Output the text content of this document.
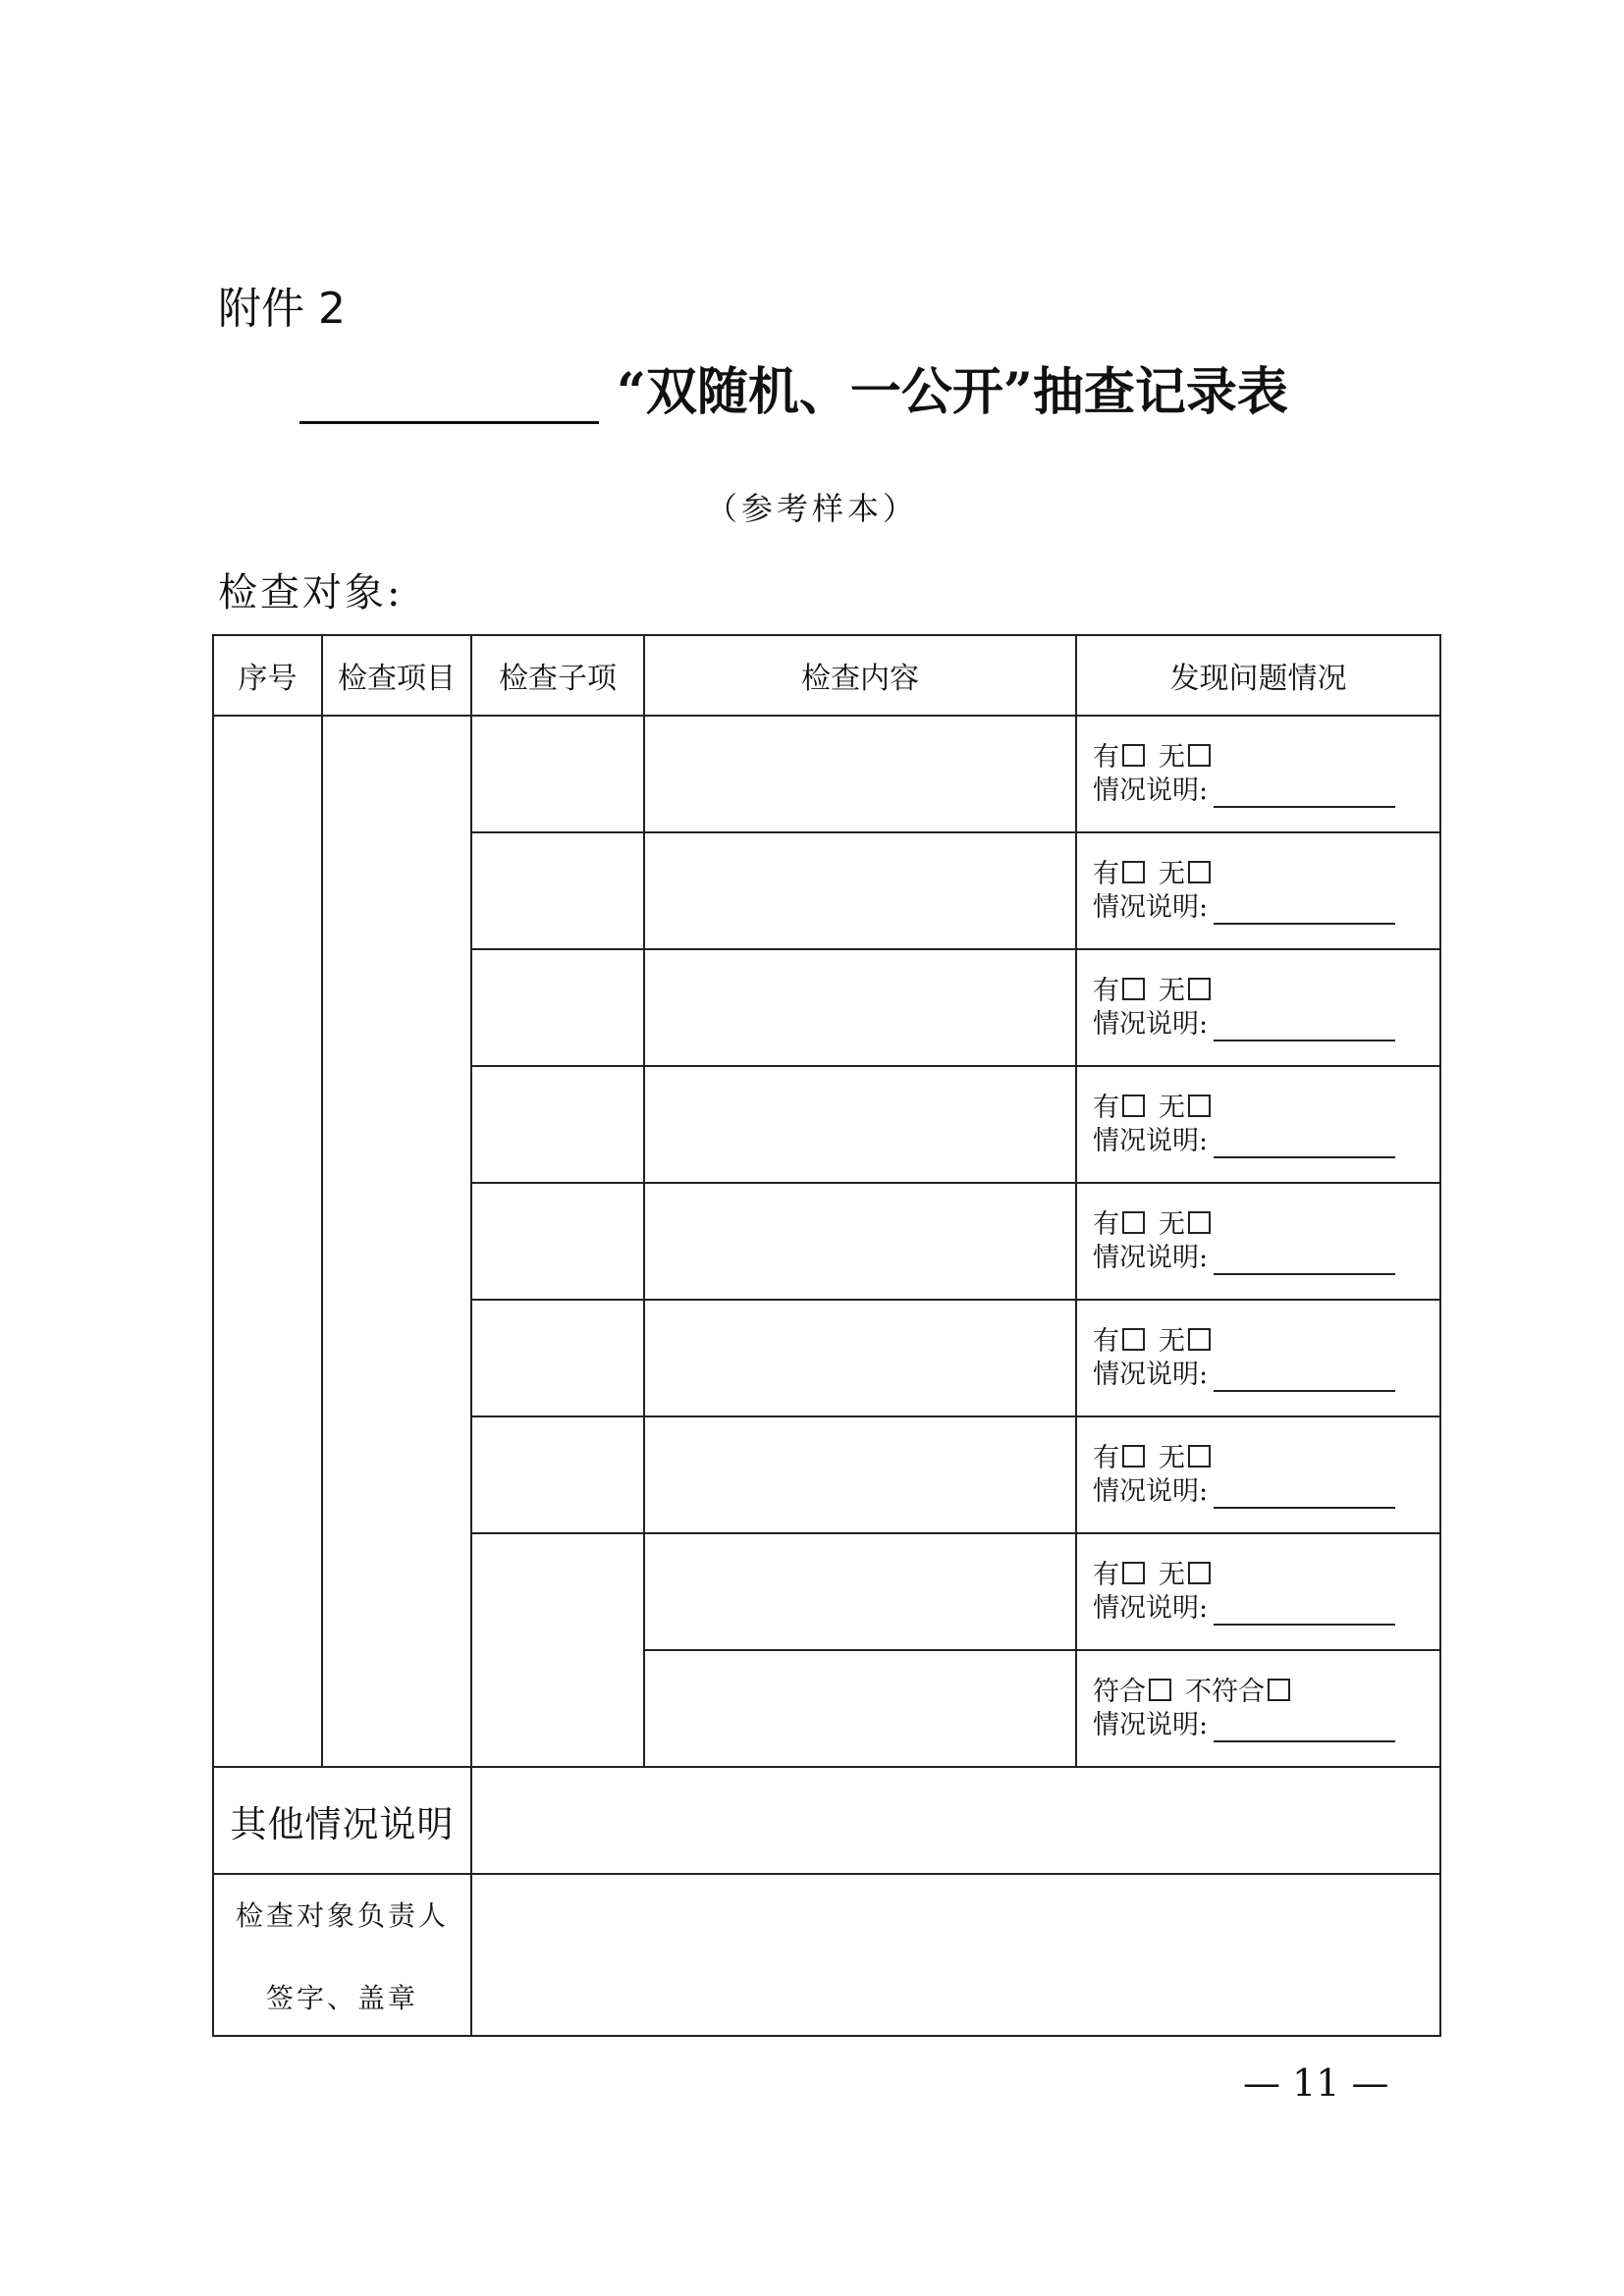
附件 2
“双随机、一公开”抽查记录表
（参考样本）
检查对象:
序号	检查项目	检查子项	检查内容	发现问题情况

				有 无
情况说明:

				有 无
情况说明:

				有 无
情况说明:

				有 无
情况说明:

				有 无
情况说明:

				有 无
情况说明:

				有 无
情况说明:

				有 无
情况说明:

				符合 不符合
情况说明:

其他情况说明				

检查对象负责人
签字、盖章				

— 11 —
